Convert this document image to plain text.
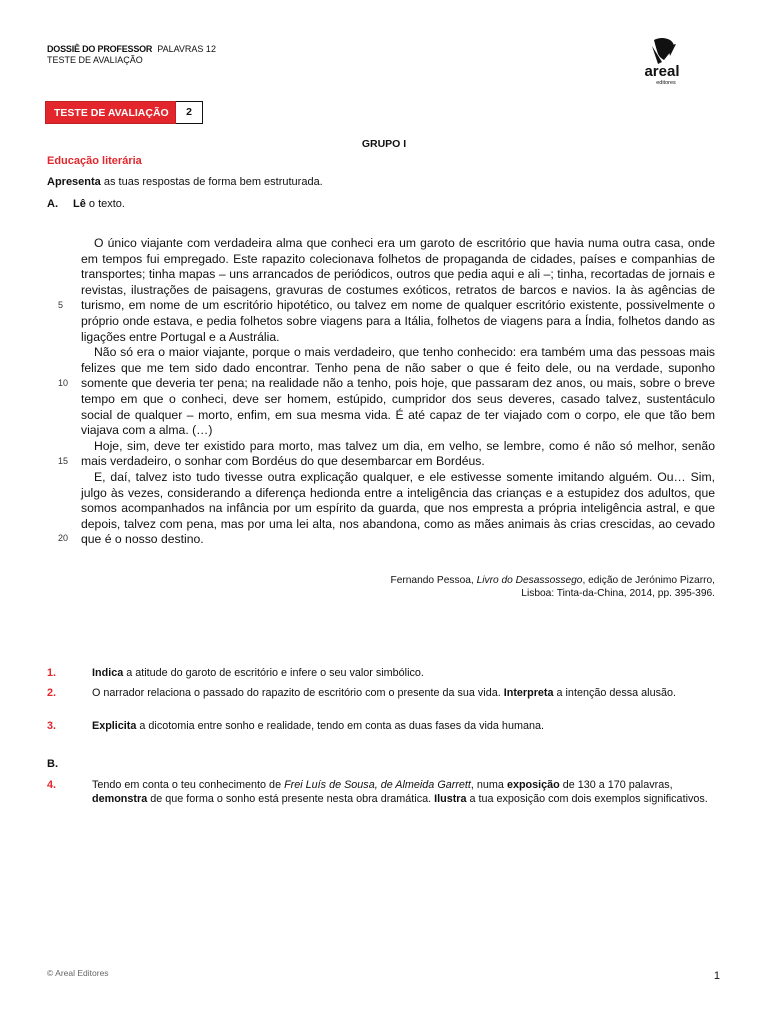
DOSSIÊ DO PROFESSOR PALAVRAS 12
TESTE DE AVALIAÇÃO
areal
editores
TESTE DE AVALIAÇÃO	2
GRUPO I
Educação literária
Apresenta as tuas respostas de forma bem estruturada.
A. Lê o texto.

O único viajante com verdadeira alma que conheci era um garoto de escritório que havia numa outra casa, onde em tempos fui empregado. Este rapazito colecionava folhetos de propaganda de cidades, países e companhias de transportes; tinha mapas – uns arrancados de periódicos, outros que pedia aqui e ali –; tinha, recortadas de jornais e revistas, ilustrações de paisagens, gravuras de costumes exóticos, retratos de barcos e navios. Ia às agências de turismo, em nome de um escritório hipotético, ou talvez em nome de qualquer escritório existente, possivelmente o próprio onde estava, e pedia folhetos sobre viagens para a Itália, folhetos de viagens para a Índia, folhetos dando as ligações entre Portugal e a Austrália.

Não só era o maior viajante, porque o mais verdadeiro, que tenho conhecido: era também uma das pessoas mais felizes que me tem sido dado encontrar. Tenho pena de não saber o que é feito dele, ou na verdade, suponho somente que deveria ter pena; na realidade não a tenho, pois hoje, que passaram dez anos, ou mais, sobre o breve tempo em que o conheci, deve ser homem, estúpido, cumpridor dos seus deveres, casado talvez, sustentáculo social de qualquer – morto, enfim, em sua mesma vida. É até capaz de ter viajado com o corpo, ele que tão bem viajava com a alma. (…)

Hoje, sim, deve ter existido para morto, mas talvez um dia, em velho, se lembre, como é não só melhor, senão mais verdadeiro, o sonhar com Bordéus do que desembarcar em Bordéus.

E, daí, talvez isto tudo tivesse outra explicação qualquer, e ele estivesse somente imitando alguém. Ou… Sim, julgo às vezes, considerando a diferença hedionda entre a inteligência das crianças e a estupidez dos adultos, que somos acompanhados na infância por um espírito da guarda, que nos empresta a própria inteligência astral, e que depois, talvez com pena, mas por uma lei alta, nos abandona, como as mães animais às crias crescidas, ao cevado que é o nosso destino.

5
10
15
20
Fernando Pessoa, Livro do Desassossego, edição de Jerónimo Pizarro,
Lisboa: Tinta-da-China, 2014, pp. 395-396.
1.	Indica a atitude do garoto de escritório e infere o seu valor simbólico.
2.	O narrador relaciona o passado do rapazito de escritório com o presente da sua vida. Interpreta a intenção dessa alusão.
3.	Explicita a dicotomia entre sonho e realidade, tendo em conta as duas fases da vida humana.
B.
4.	Tendo em conta o teu conhecimento de Frei Luís de Sousa, de Almeida Garrett, numa exposição de 130 a 170 palavras, demonstra de que forma o sonho está presente nesta obra dramática. Ilustra a tua exposição com dois exemplos significativos.
© Areal Editores	1
